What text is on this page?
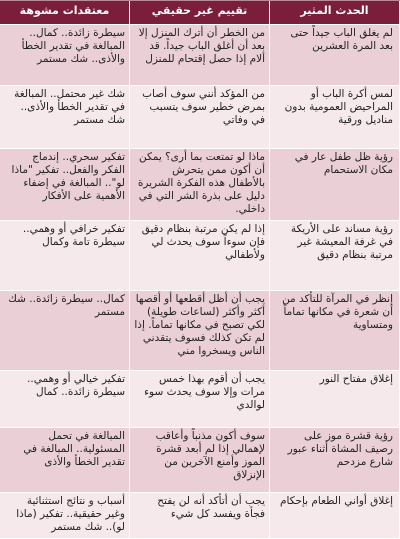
معتقدات مشوهة	تقييم غير حقيقي	الحدث المثير
سيطرة زائدة.. كمال.. المبالغة في تقدير الخطأ والأذى.. شك مستمر
من الخطر أن أترك المنزل إلا بعد أن أغلق الباب جيداً. قد ألام إذا حصل إقتحام للمنزل
لم يغلق الباب جيداً حتى بعد المرة العشرين
شك غير محتمل.. المبالغة في تقدير الخطأ والأذى.. شك مستمر
من المؤكد أنني سوف أصاب بمرض خطير سوف يتسبب في وفاتي
لمس أكرة الباب أو المراحيض العمومية بدون مناديل ورقية
تفكير سحري.. إندماج الفكر والفعل.. تفكير "ماذا لو".. المبالغة في إضفاء الأهمية على الأفكار
ماذا لو تمتعت بما أرى؟ يمكن أن أكون ممن يتحرش بالأطفال هذه الفكرة الشريرة دليل على بذرة الشر التي في داخلي.
رؤية ظل طفل عار في مكان الاستحمام
تفكير خرافي أو وهمي.. سيطرة تامة وكمال
إذا لم يكن مرتبة بنظام دقيق فإن سوءاً سوف يحدث لي ولأطفالي
رؤية مساند على الأريكة في غرفة المعيشة غير مرتبة بنظام دقيق
كمال.. سيطرة زائدة.. شك مستمر
يجب أن أظل أقطعها أو أقصها أكثر وأكثر (لساعات طويلة) لكي تصبح في مكانها تماماً. إذا لم تكن كذلك فسوف يتقدني الناس ويسخروا مني
إنظر في المرآة للتأكد من أن شعرة في مكانها تماماً ومتساوية
تفكير خيالي أو وهمي.. سيطرة زائدة.. كمال
يجب أن أقوم بهذا خمس مرات وإلا سوف يحدث سوء لوالدي
إغلاق مفتاح النور
المبالغة في تحمل المسئولية.. المبالغة في تقدير الخطأ والأذى
سوف أكون مذنباً وأعاقب لإهمالي إذا لم أبعد قشرة الموز وأمنع الآخرين من الإنزلاق
رؤية قشرة موز على رصيف المشاة أثناء عبور شارع مزدحم
أسباب و نتائج استثنائية وغير حقيقية.. تفكير (ماذا لو).. شك مستمر
يجب أن أتأكد أنه لن يفتح فجأة ويفسد كل شيء
إغلاق أواني الطعام بإحكام
